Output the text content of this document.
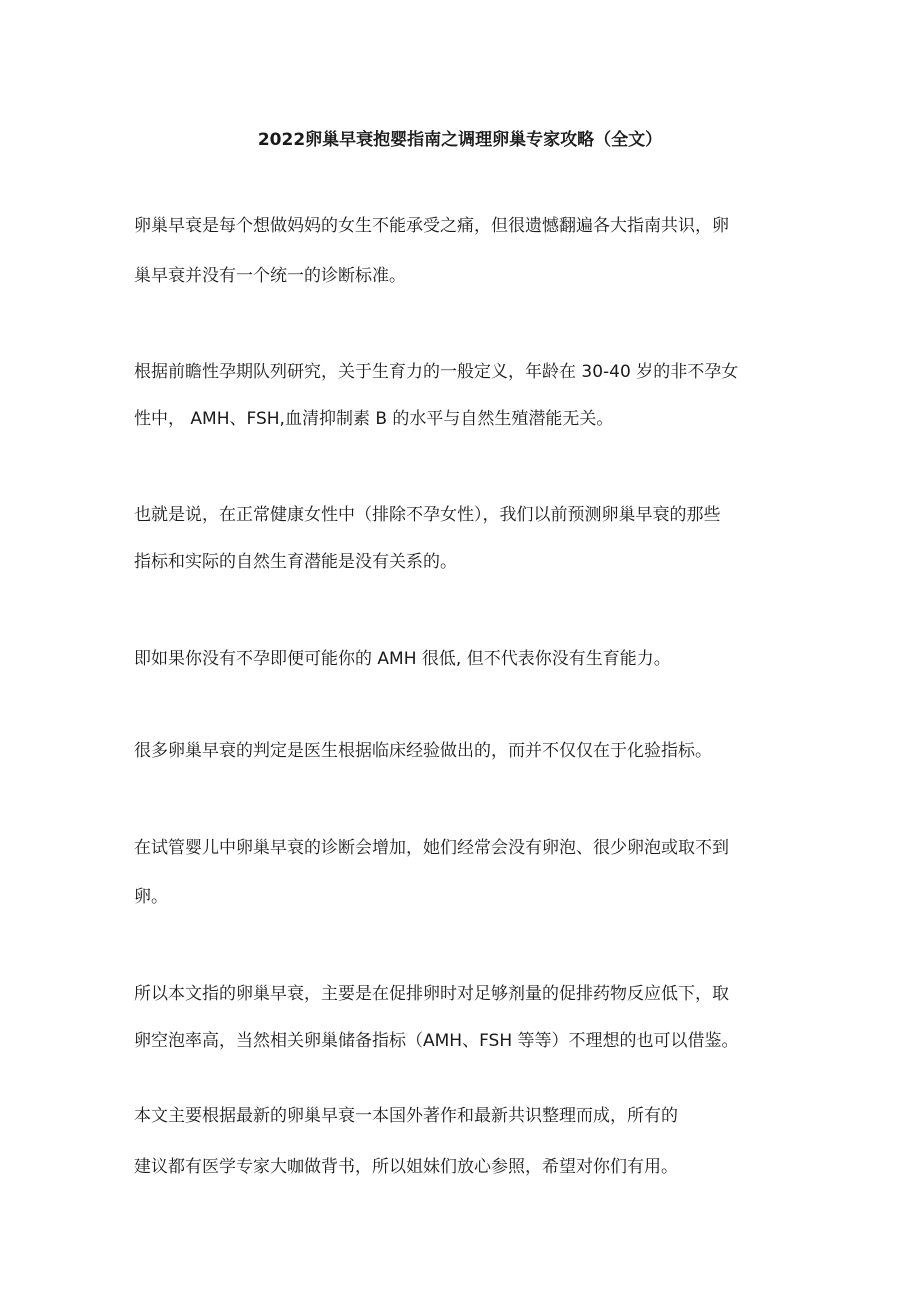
2022卵巢早衰抱婴指南之调理卵巢专家攻略（全文）
卵巢早衰是每个想做妈妈的女生不能承受之痛，但很遗憾翻遍各大指南共识，卵
巢早衰并没有一个统一的诊断标准。
根据前瞻性孕期队列研究，关于生育力的一般定义，年龄在 30-40 岁的非不孕女
性中， AMH、FSH,血清抑制素 B 的水平与自然生殖潜能无关。
也就是说，在正常健康女性中（排除不孕女性），我们以前预测卵巢早衰的那些
指标和实际的自然生育潜能是没有关系的。
即如果你没有不孕即便可能你的 AMH 很低, 但不代表你没有生育能力。
很多卵巢早衰的判定是医生根据临床经验做出的，而并不仅仅在于化验指标。
在试管婴儿中卵巢早衰的诊断会增加，她们经常会没有卵泡、很少卵泡或取不到
卵。
所以本文指的卵巢早衰，主要是在促排卵时对足够剂量的促排药物反应低下，取
卵空泡率高，当然相关卵巢储备指标（AMH、FSH 等等）不理想的也可以借鉴。
本文主要根据最新的卵巢早衰一本国外著作和最新共识整理而成，所有的
建议都有医学专家大咖做背书，所以姐妹们放心参照，希望对你们有用。
